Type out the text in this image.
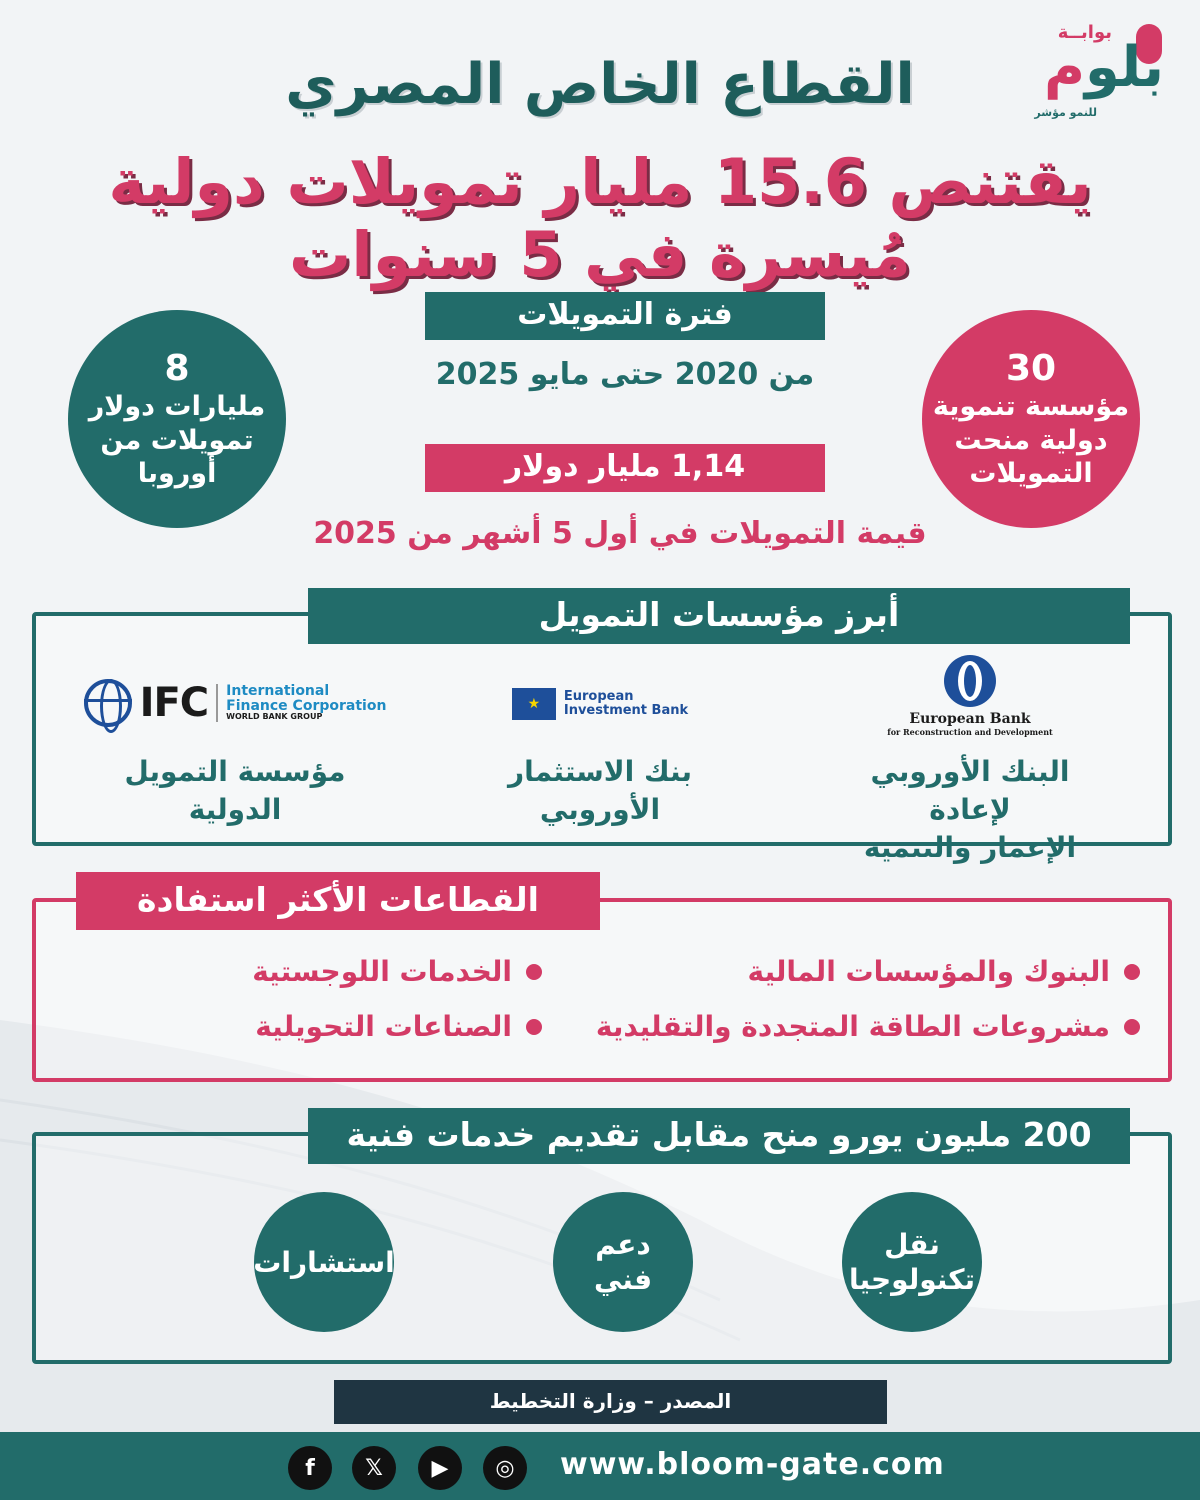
بوابــة
بلوم
للنمو مؤشر
القطاع الخاص المصري
يقتنص 15.6 مليار تمويلات دولية مُيسرة في 5 سنوات
8
مليارات دولار
تمويلات من
أوروبا
30
مؤسسة تنموية
دولية منحت
التمويلات
فترة التمويلات
من 2020 حتى مايو 2025
1,14 مليار دولار
قيمة التمويلات في أول 5 أشهر من 2025
أبرز مؤسسات التمويل
European Bank
for Reconstruction and Development
البنك الأوروبي لإعادة
الإعمار والتنمية
★	European
Investment Bank
بنك الاستثمار
الأوروبي
IFC	International
Finance Corporation
WORLD BANK GROUP
مؤسسة التمويل
الدولية
القطاعات الأكثر استفادة
البنوك والمؤسسات المالية
مشروعات الطاقة المتجددة والتقليدية
الخدمات اللوجستية
الصناعات التحويلية
200 مليون يورو منح مقابل تقديم خدمات فنية
نقل
تكنولوجيا
دعم
فني
استشارات
المصدر – وزارة التخطيط
f	𝕏	▶	◎	www.bloom-gate.com
